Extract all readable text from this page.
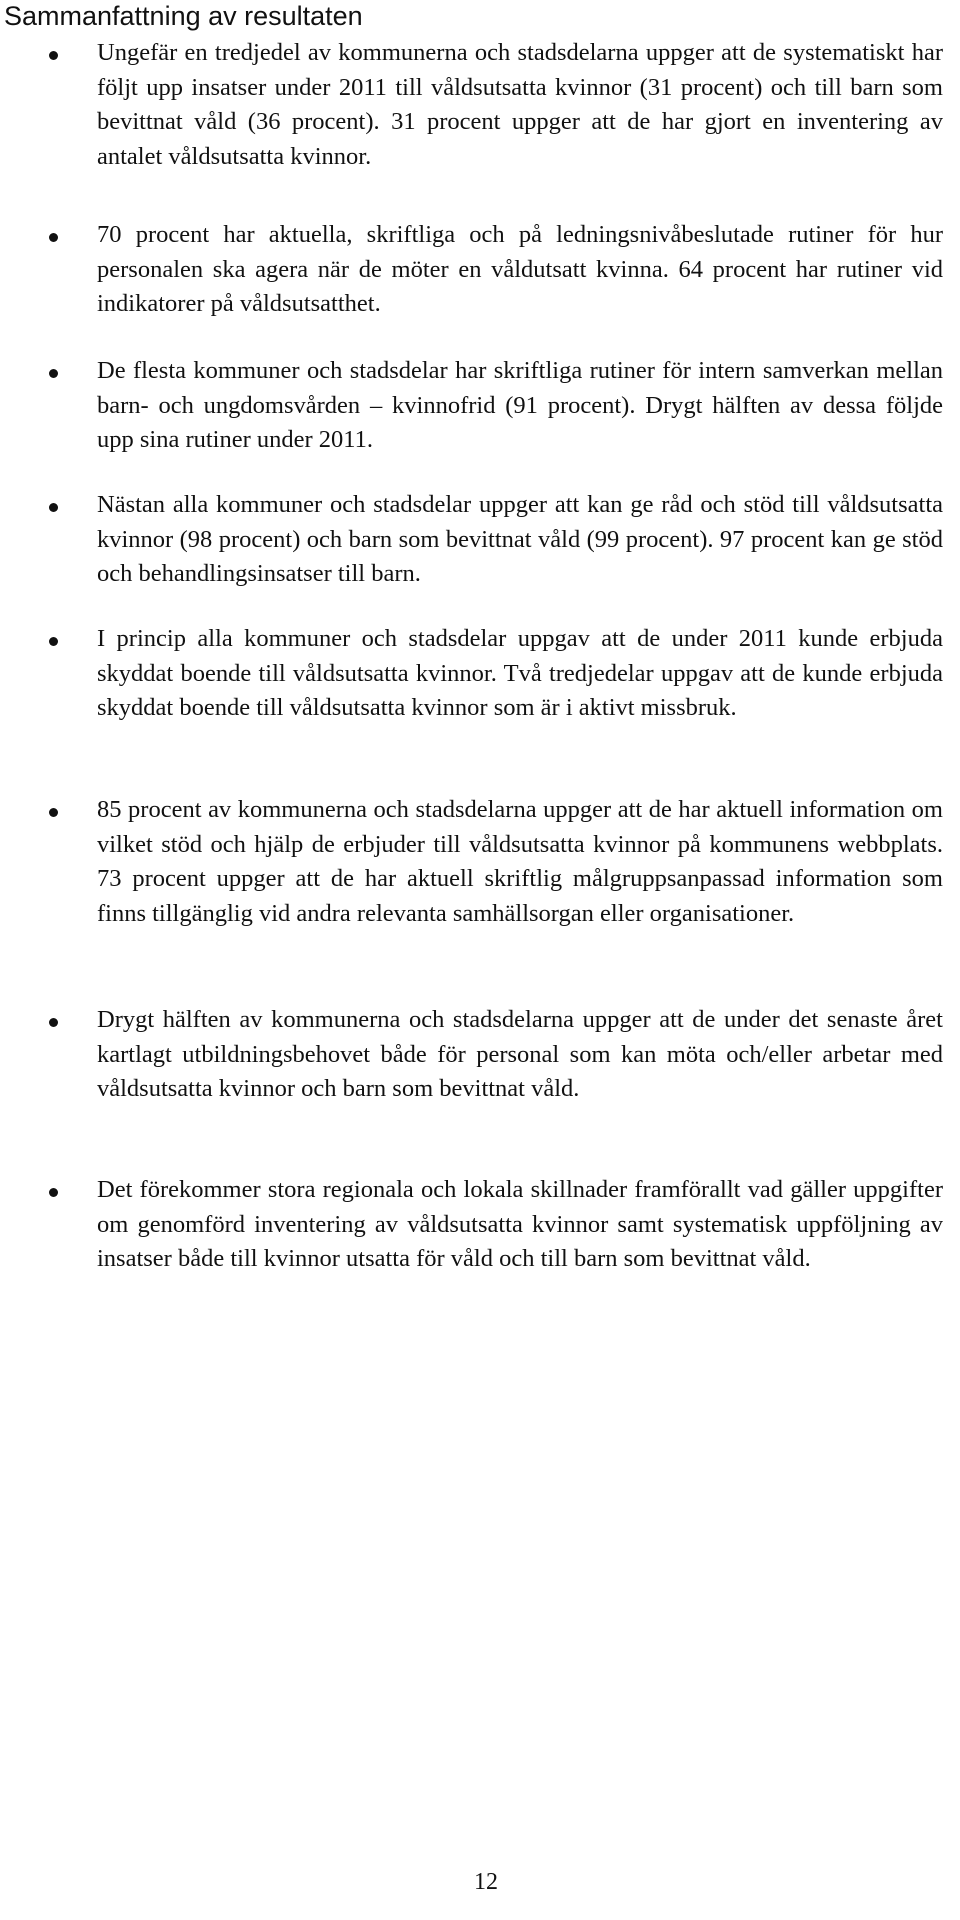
Sammanfattning av resultaten

Ungefär en tredjedel av kommunerna och stadsdelarna uppger att de systematiskt har följt upp insatser under 2011 till våldsutsatta kvinnor (31 procent) och till barn som bevittnat våld (36 procent). 31 procent uppger att de har gjort en inventering av antalet våldsutsatta kvinnor.

70 procent har aktuella, skriftliga och på ledningsnivåbeslutade rutiner för hur personalen ska agera när de möter en våldutsatt kvinna. 64 procent har rutiner vid indikatorer på våldsutsatthet.

De flesta kommuner och stadsdelar har skriftliga rutiner för intern samverkan mellan barn- och ungdomsvården – kvinnofrid (91 procent). Drygt hälften av dessa följde upp sina rutiner under 2011.

Nästan alla kommuner och stadsdelar uppger att kan ge råd och stöd till våldsutsatta kvinnor (98 procent) och barn som bevittnat våld (99 procent). 97 procent kan ge stöd och behandlingsinsatser till barn.

I princip alla kommuner och stadsdelar uppgav att de under 2011 kunde erbjuda skyddat boende till våldsutsatta kvinnor. Två tredjedelar uppgav att de kunde erbjuda skyddat boende till våldsutsatta kvinnor som är i aktivt missbruk.

85 procent av kommunerna och stadsdelarna uppger att de har aktuell information om vilket stöd och hjälp de erbjuder till våldsutsatta kvinnor på kommunens webbplats. 73 procent uppger att de har aktuell skriftlig målgruppsanpassad information som finns tillgänglig vid andra relevanta samhällsorgan eller organisationer.

Drygt hälften av kommunerna och stadsdelarna uppger att de under det senaste året kartlagt utbildningsbehovet både för personal som kan möta och/eller arbetar med våldsutsatta kvinnor och barn som bevittnat våld.

Det förekommer stora regionala och lokala skillnader framförallt vad gäller uppgifter om genomförd inventering av våldsutsatta kvinnor samt systematisk uppföljning av insatser både till kvinnor utsatta för våld och till barn som bevittnat våld.

12
